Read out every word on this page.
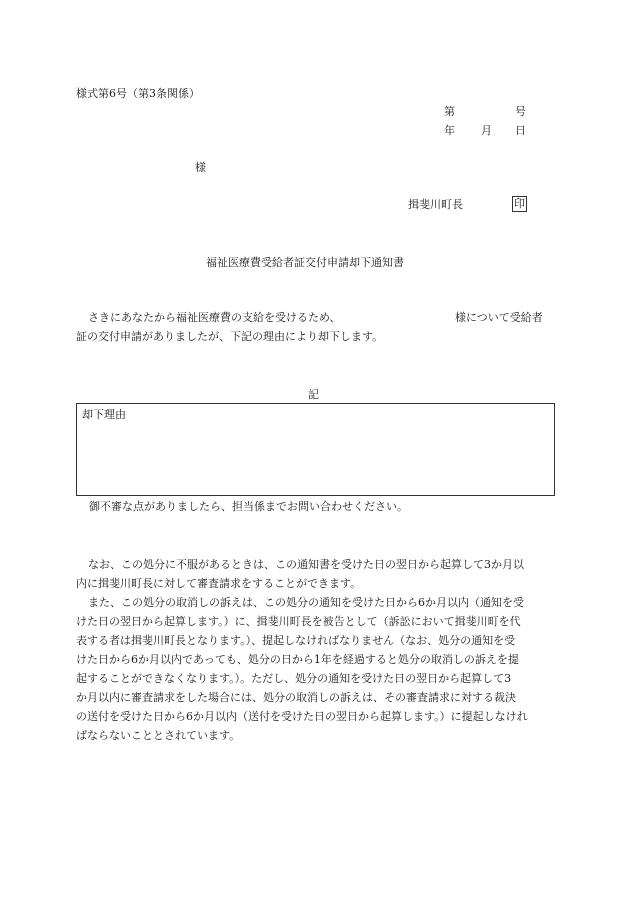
様式第6号（第3条関係）
第	号
年 月 日
様
揖斐川町長	印
福祉医療費受給者証交付申請却下通知書
さきにあなたから福祉医療費の支給を受けるため、	様について受給者
証の交付申請がありましたが、下記の理由により却下します。
記
却下理由
御不審な点がありましたら、担当係までお問い合わせください。
なお、この処分に不服があるときは、この通知書を受けた日の翌日から起算して3か月以
内に揖斐川町長に対して審査請求をすることができます。
また、この処分の取消しの訴えは、この処分の通知を受けた日から6か月以内（通知を受
けた日の翌日から起算します。）に、揖斐川町長を被告として（訴訟において揖斐川町を代
表する者は揖斐川町長となります。）、提起しなければなりません（なお、処分の通知を受
けた日から6か月以内であっても、処分の日から1年を経過すると処分の取消しの訴えを提
起することができなくなります。）。ただし、処分の通知を受けた日の翌日から起算して3
か月以内に審査請求をした場合には、処分の取消しの訴えは、その審査請求に対する裁決
の送付を受けた日から6か月以内（送付を受けた日の翌日から起算します。）に提起しなけれ
ばならないこととされています。
